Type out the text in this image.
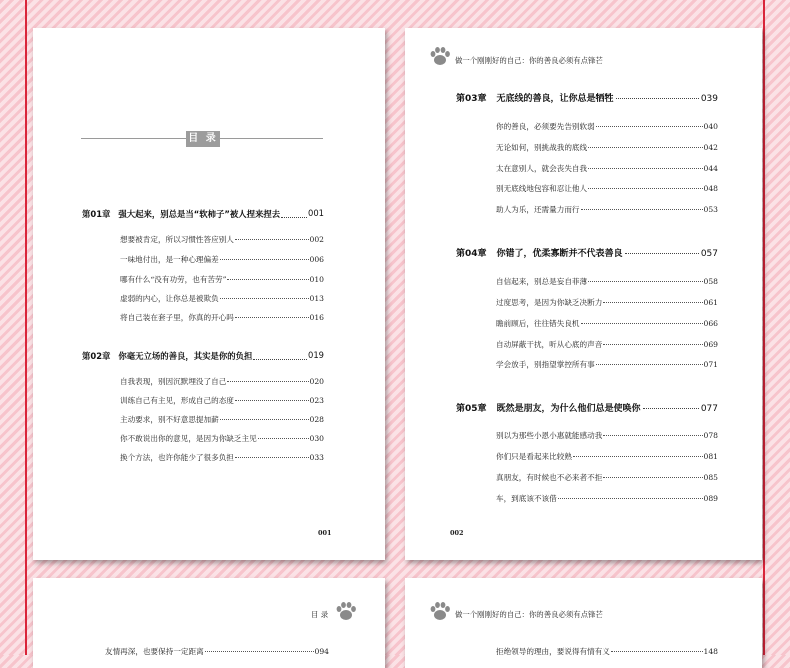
目 录
第01章 强大起来，别总是当“软柿子”被人捏来捏去	001
想要被肯定，所以习惯性答应别人	002
一味地付出，是一种心理偏差	006
哪有什么“没有功劳，也有苦劳”	010
虚弱的内心，让你总是被欺负	013
将自己装在套子里，你真的开心吗	016
第02章 你毫无立场的善良，其实是你的负担	019
自我表现，别因沉默埋没了自己	020
训练自己有主见，形成自己的态度	023
主动要求，别不好意思提加薪	028
你不敢说出你的意见，是因为你缺乏主见	030
换个方法，也许你能少了很多负担	033
001
做一个刚刚好的自己：你的善良必须有点锋芒
第03章 无底线的善良，让你总是牺牲	039
你的善良，必须要先告别软弱	040
无论如何，别挑战我的底线	042
太在意别人，就会丧失自我	044
别无底线地包容和忍让他人	048
助人为乐，还需量力而行	053
第04章 你错了，优柔寡断并不代表善良	057
自信起来，别总是妄自菲薄	058
过度思考，是因为你缺乏决断力	061
瞻前顾后，往往错失良机	066
自动屏蔽干扰，听从心底的声音	069
学会放手，别指望掌控所有事	071
第05章 既然是朋友，为什么他们总是使唤你	077
别以为那些小恩小惠就能感动我	078
你们只是看起来比较熟	081
真朋友，有时候也不必来者不拒	085
车，到底该不该借	089
002
目 录
友情再深，也要保持一定距离	094
做一个刚刚好的自己：你的善良必须有点锋芒
拒绝领导的理由，要说得有情有义	148
